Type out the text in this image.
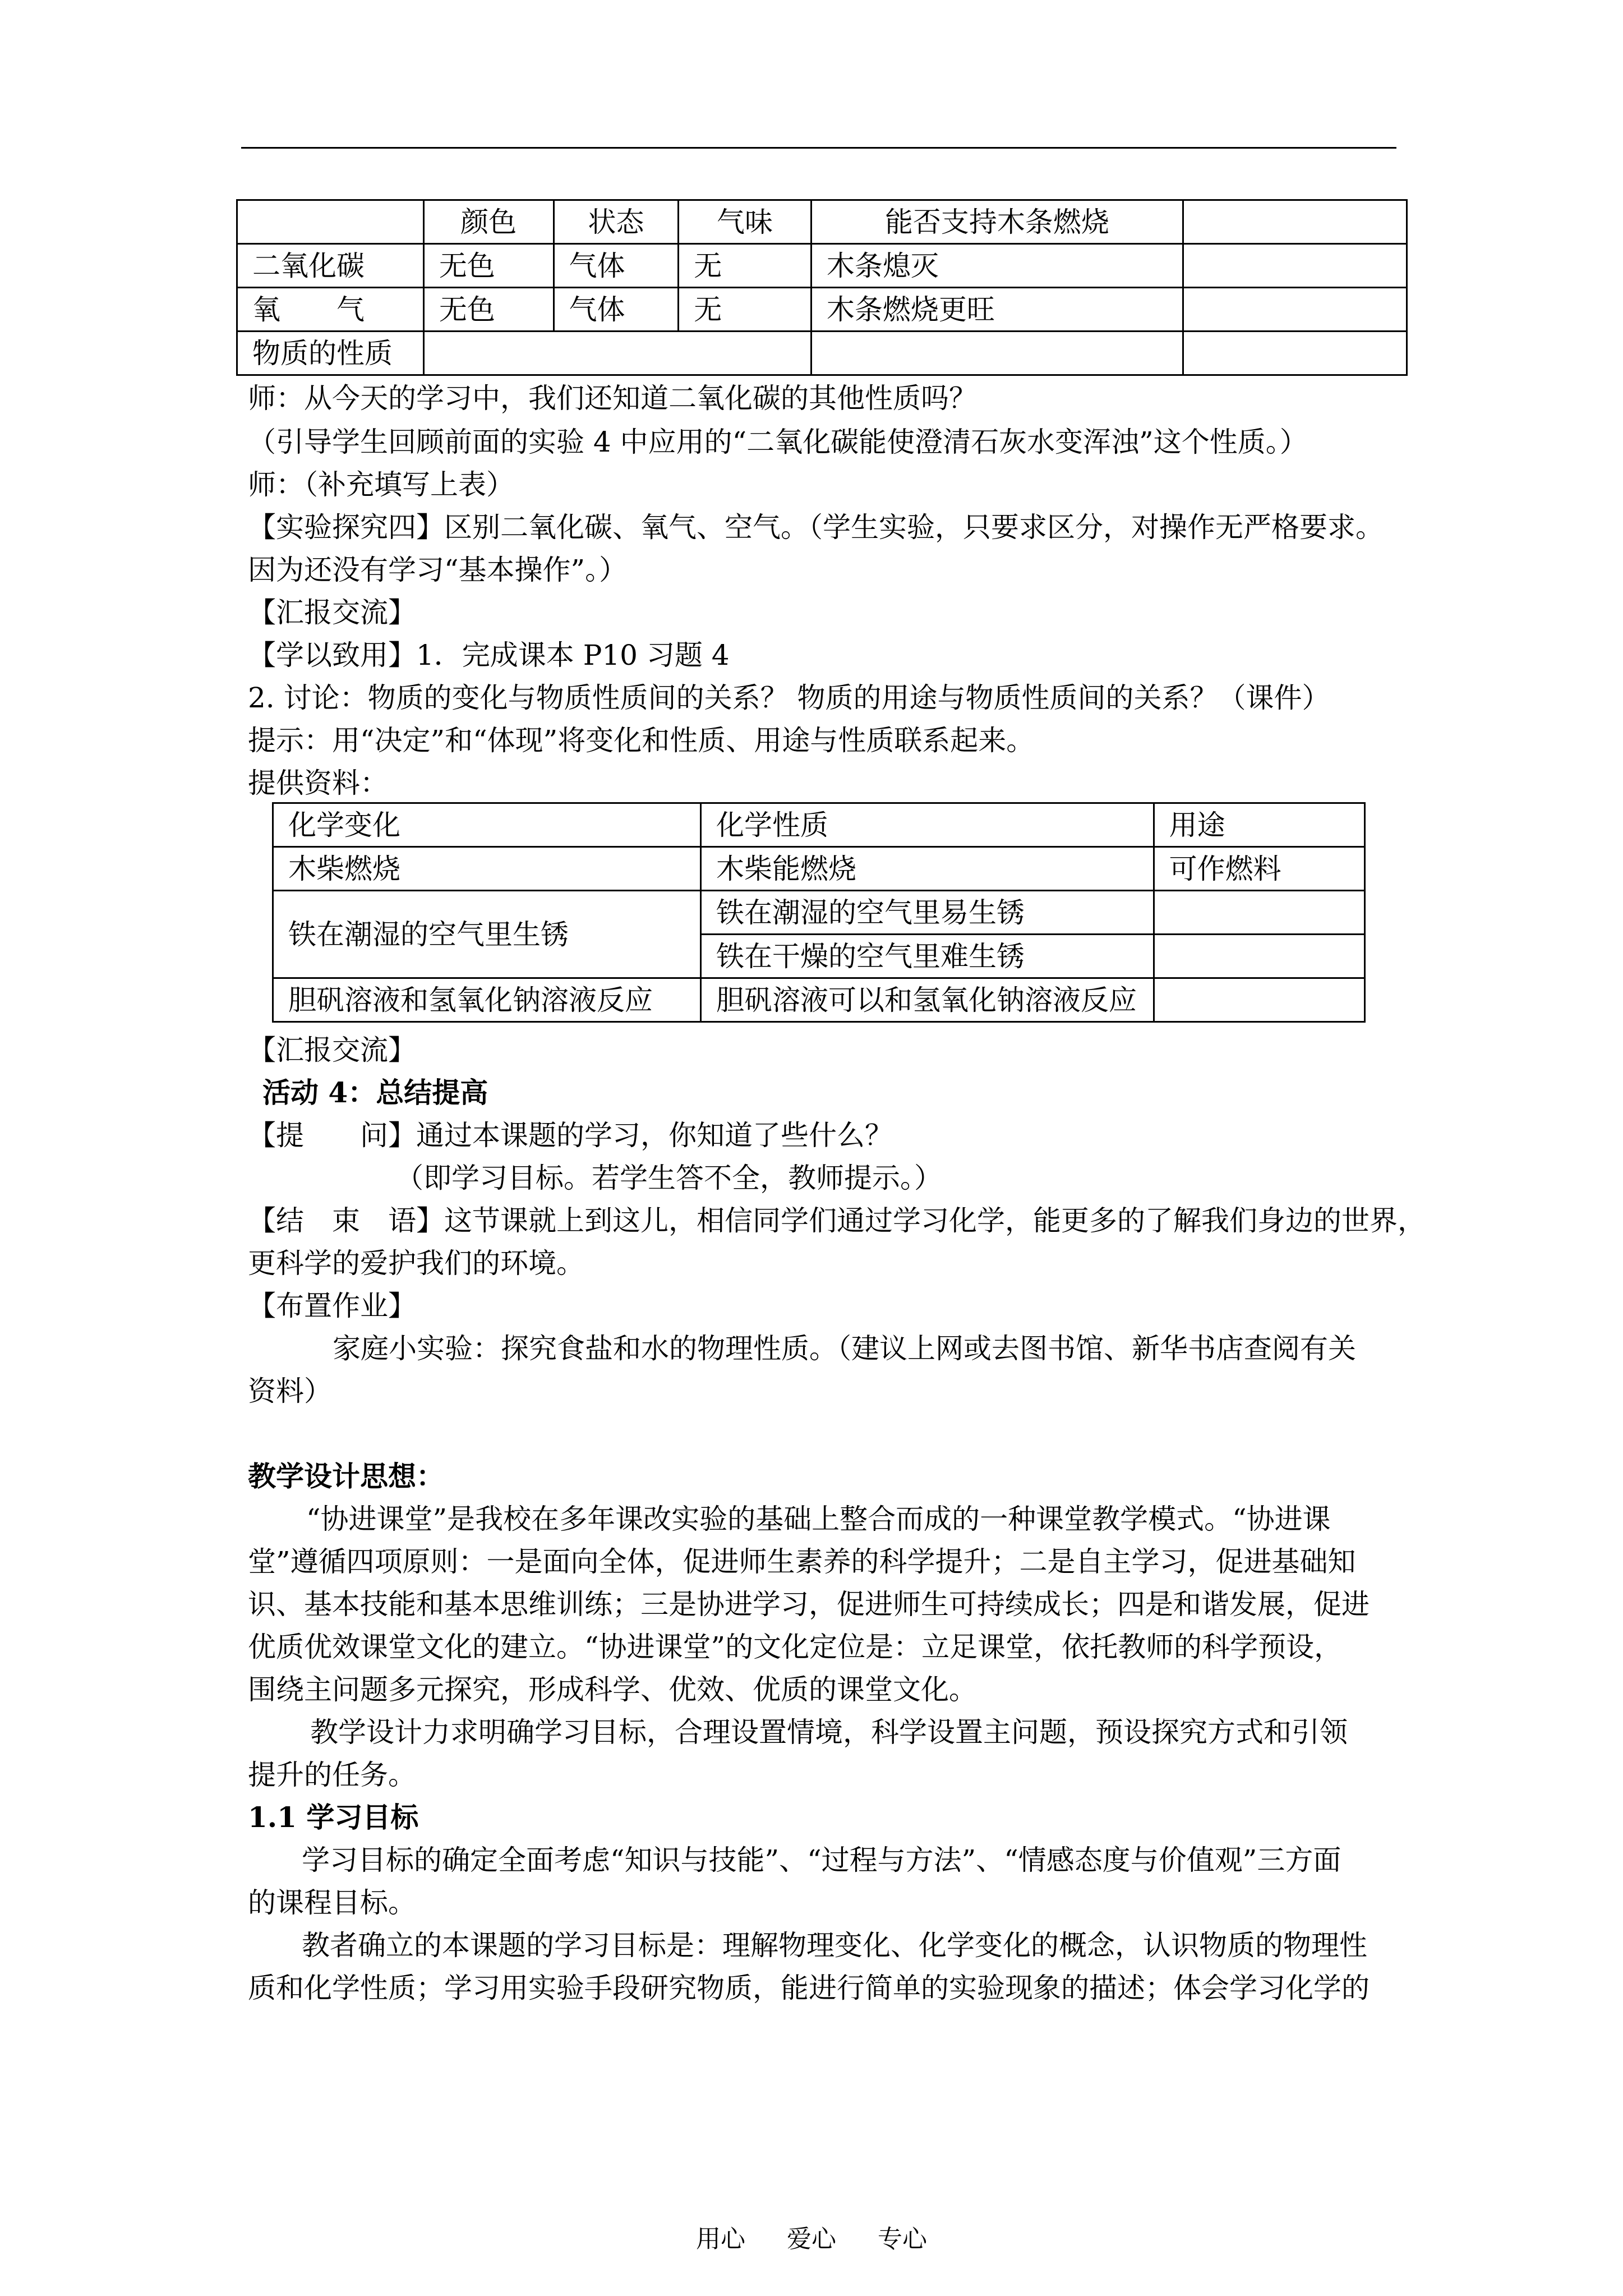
	颜色	状态	气味	能否支持木条燃烧	
二氧化碳	无色	气体	无	木条熄灭	
氧　　气	无色	气体	无	木条燃烧更旺	
物质的性质					
师：从今天的学习中，我们还知道二氧化碳的其他性质吗？
（引导学生回顾前面的实验 4 中应用的“二氧化碳能使澄清石灰水变浑浊”这个性质。）
师：（补充填写上表）
【实验探究四】区别二氧化碳、氧气、空气。（学生实验，只要求区分，对操作无严格要求。
因为还没有学习“基本操作”。）
【汇报交流】
【学以致用】1．完成课本 P10 习题 4
2. 讨论：物质的变化与物质性质间的关系？ 物质的用途与物质性质间的关系？（课件）
提示：用“决定”和“体现”将变化和性质、用途与性质联系起来。
提供资料：
化学变化	化学性质	用途
木柴燃烧	木柴能燃烧	可作燃料
铁在潮湿的空气里生锈	铁在潮湿的空气里易生锈	
	铁在干燥的空气里难生锈	
胆矾溶液和氢氧化钠溶液反应	胆矾溶液可以和氢氧化钠溶液反应	
【汇报交流】
活动 4：总结提高
【提　　问】通过本课题的学习，你知道了些什么？
（即学习目标。若学生答不全，教师提示。）
【结　束　语】这节课就上到这儿，相信同学们通过学习化学，能更多的了解我们身边的世界，
更科学的爱护我们的环境。
【布置作业】
家庭小实验：探究食盐和水的物理性质。（建议上网或去图书馆、新华书店查阅有关
资料）
教学设计思想：
“协进课堂”是我校在多年课改实验的基础上整合而成的一种课堂教学模式。“协进课
堂”遵循四项原则：一是面向全体，促进师生素养的科学提升；二是自主学习，促进基础知
识、基本技能和基本思维训练；三是协进学习，促进师生可持续成长；四是和谐发展，促进
优质优效课堂文化的建立。“协进课堂”的文化定位是：立足课堂，依托教师的科学预设，
围绕主问题多元探究，形成科学、优效、优质的课堂文化。
教学设计力求明确学习目标，合理设置情境，科学设置主问题，预设探究方式和引领
提升的任务。
1.1 学习目标
学习目标的确定全面考虑“知识与技能”、“过程与方法”、“情感态度与价值观”三方面
的课程目标。
教者确立的本课题的学习目标是：理解物理变化、化学变化的概念，认识物质的物理性
质和化学性质；学习用实验手段研究物质，能进行简单的实验现象的描述；体会学习化学的
用心 爱心 专心
